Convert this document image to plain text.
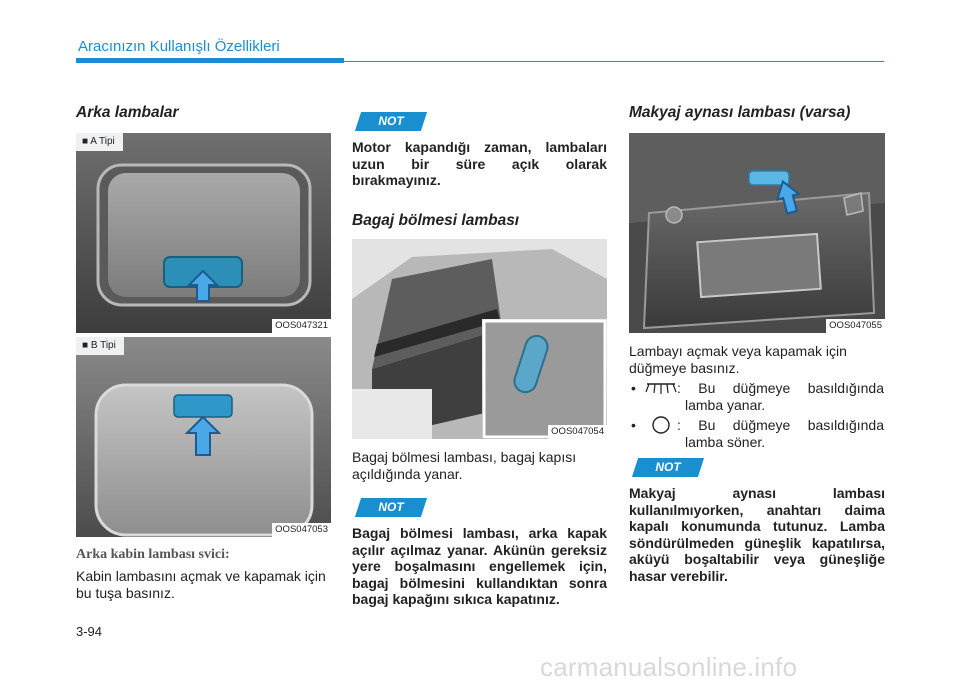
Aracınızın Kullanışlı Özellikleri
Arka lambalar
■ A Tipi
OOS047321
■ B Tipi
OOS047053
Arka kabin lambası svici:
Kabin lambasını açmak ve kapamak için bu tuşa basınız.
NOT
Motor kapandığı zaman, lambaları uzun bir süre açık olarak bırakmayınız.
Bagaj bölmesi lambası
OOS047054
Bagaj bölmesi lambası, bagaj kapısı açıldığında yanar.
NOT
Bagaj bölmesi lambası, arka kapak açılır açılmaz yanar. Akünün gereksiz yere boşalmasını engellemek için, bagaj bölmesini kullandıktan sonra bagaj kapağını sıkıca kapatınız.
Makyaj aynası lambası (varsa)
OOS047055
Lambayı açmak veya kapamak için düğmeye basınız.
•	: Bu düğmeye basıldığında
lamba yanar.
•	: Bu düğmeye basıldığında
lamba söner.
NOT
Makyaj aynası lambası kullanılmıyorken, anahtarı daima kapalı konumunda tutunuz. Lamba söndürülmeden güneşlik kapatılırsa, aküyü boşaltabilir veya güneşliğe hasar verebilir.
3-94
carmanualsonline.info
